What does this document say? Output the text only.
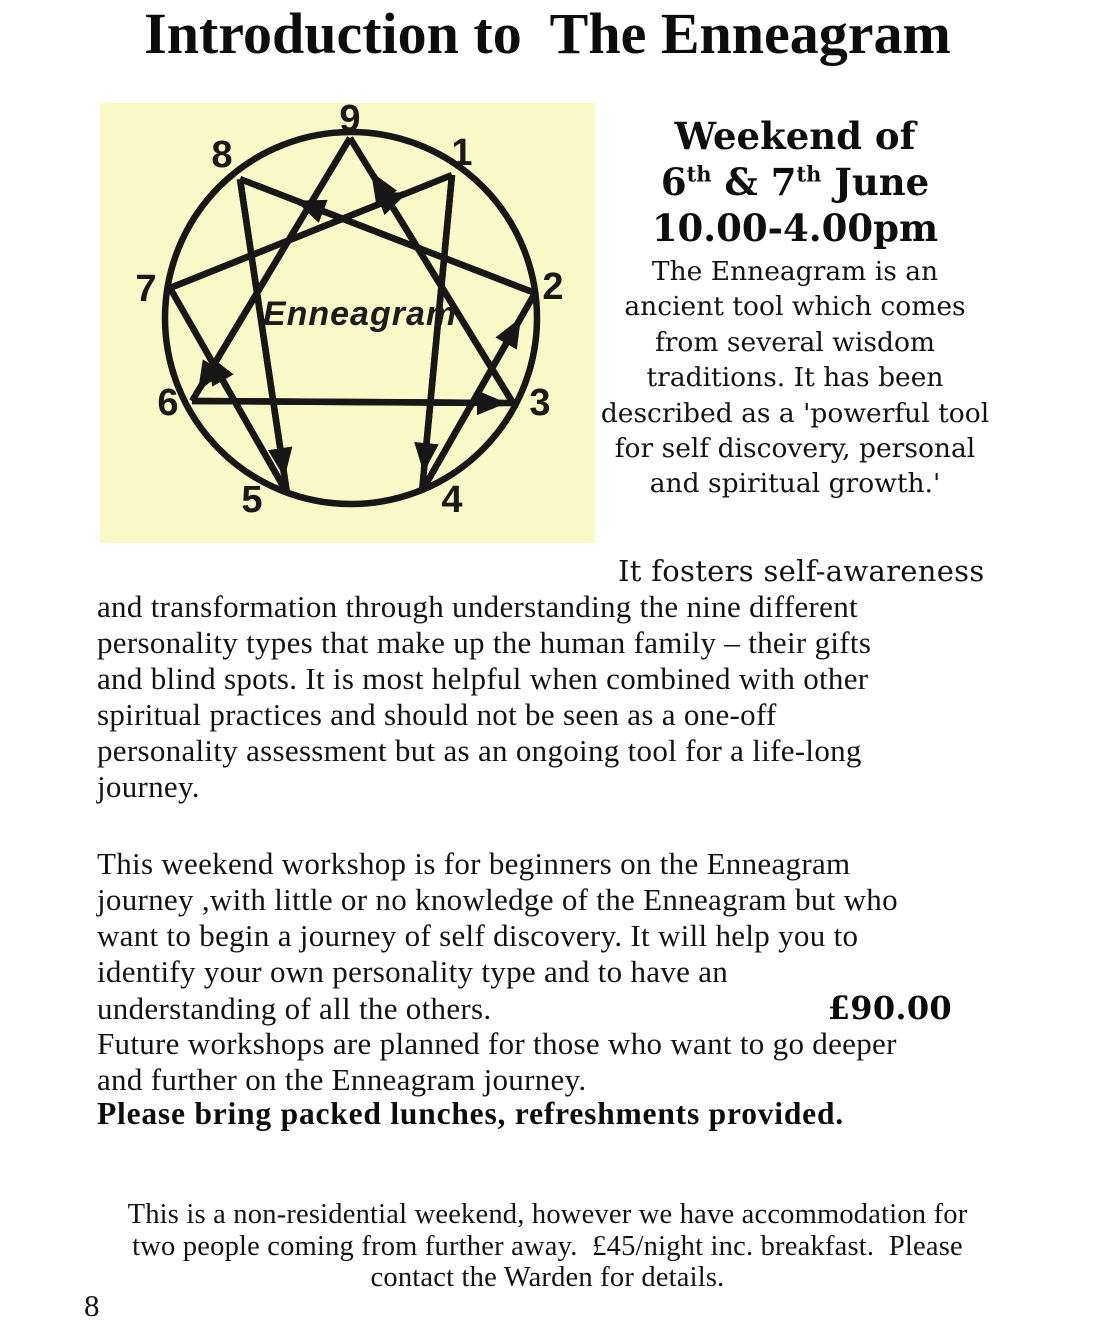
Introduction to  The Enneagram
9
1
2
3
4
5
6
7
8
Enneagram
Weekend of
6th & 7th June
10.00-4.00pm
The Enneagram is an
ancient tool which comes
from several wisdom
traditions. It has been
described as a 'powerful tool
for self discovery, personal
and spiritual growth.'
It fosters self-awareness
and transformation through understanding the nine different
personality types that make up the human family – their gifts
and blind spots. It is most helpful when combined with other
spiritual practices and should not be seen as a one-off
personality assessment but as an ongoing tool for a life-long
journey.
This weekend workshop is for beginners on the Enneagram
journey ,with little or no knowledge of the Enneagram but who
want to begin a journey of self discovery. It will help you to
identify your own personality type and to have an
understanding of all the others.	£90.00
Future workshops are planned for those who want to go deeper
and further on the Enneagram journey.
Please bring packed lunches, refreshments provided.
This is a non-residential weekend, however we have accommodation for
two people coming from further away.  £45/night inc. breakfast.  Please
contact the Warden for details.
8
